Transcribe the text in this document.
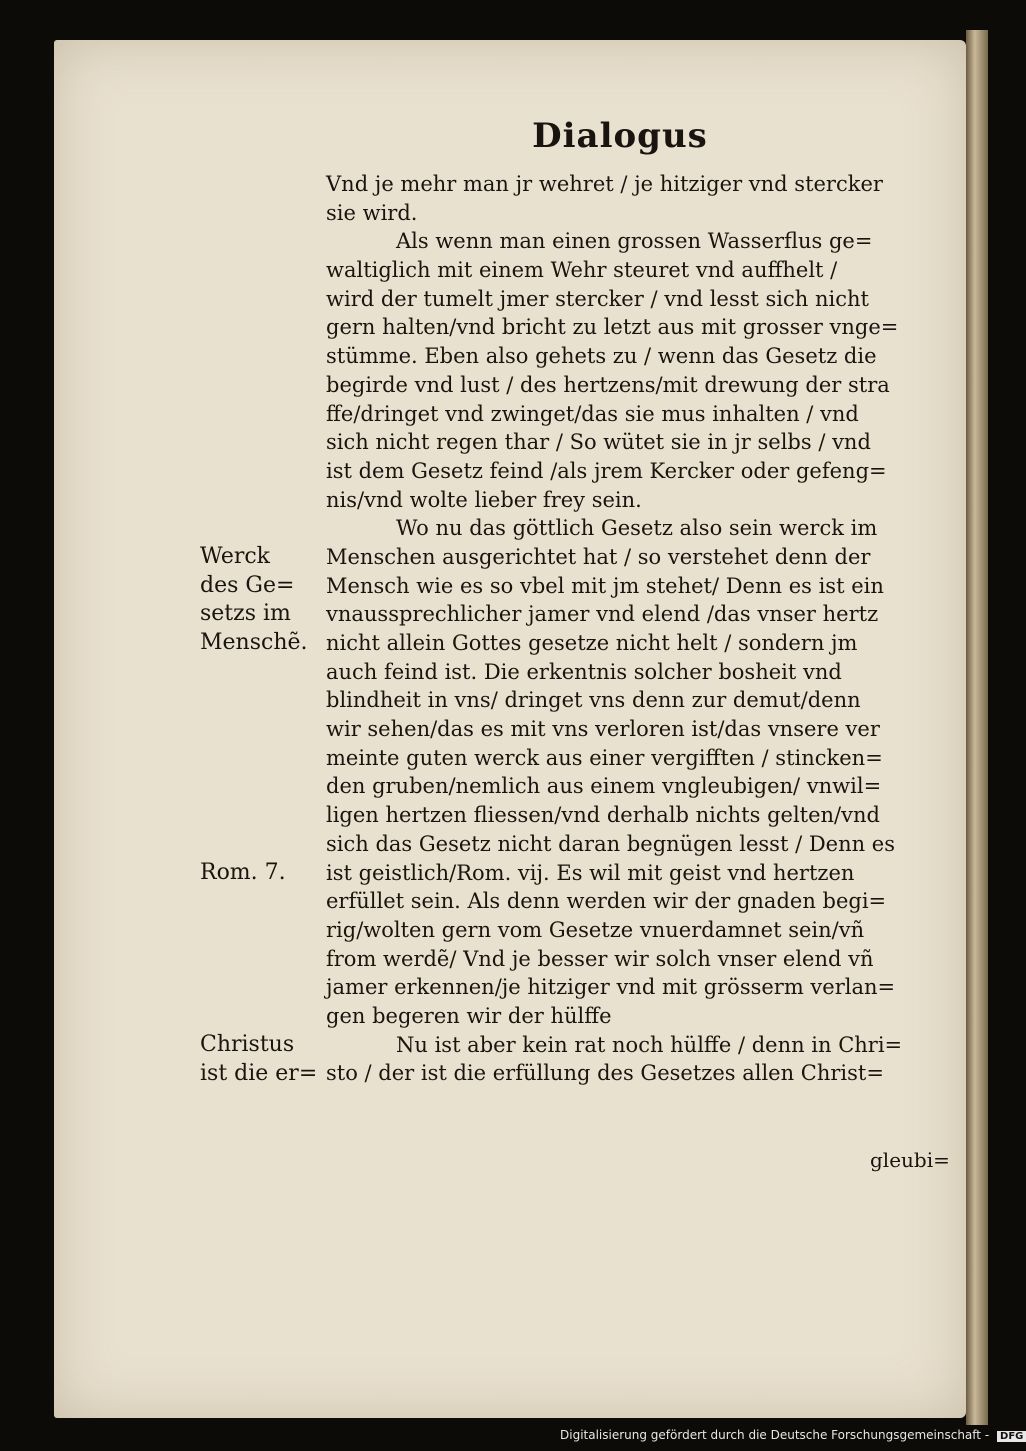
Dialogus
Vnd je mehr man jr wehret / je hitziger vnd stercker
sie wird.
Als wenn man einen grossen Wasserflus ge=
waltiglich mit einem Wehr steuret vnd auffhelt /
wird der tumelt jmer stercker / vnd lesst sich nicht
gern halten/vnd bricht zu letzt aus mit grosser vnge=
stümme. Eben also gehets zu / wenn das Gesetz die
begirde vnd lust / des hertzens/mit drewung der stra
ffe/dringet vnd zwinget/das sie mus inhalten / vnd
sich nicht regen thar / So wütet sie in jr selbs / vnd
ist dem Gesetz feind /als jrem Kercker oder gefeng=
nis/vnd wolte lieber frey sein.
Wo nu das göttlich Gesetz also sein werck im
Menschen ausgerichtet hat / so verstehet denn der
Mensch wie es so vbel mit jm stehet/ Denn es ist ein
vnaussprechlicher jamer vnd elend /das vnser hertz
nicht allein Gottes gesetze nicht helt / sondern jm
auch feind ist. Die erkentnis solcher bosheit vnd
blindheit in vns/ dringet vns denn zur demut/denn
wir sehen/das es mit vns verloren ist/das vnsere ver
meinte guten werck aus einer vergifften / stincken=
den gruben/nemlich aus einem vngleubigen/ vnwil=
ligen hertzen fliessen/vnd derhalb nichts gelten/vnd
sich das Gesetz nicht daran begnügen lesst / Denn es
ist geistlich/Rom. vij. Es wil mit geist vnd hertzen
erfüllet sein. Als denn werden wir der gnaden begi=
rig/wolten gern vom Gesetze vnuerdamnet sein/vñ
from werdẽ/ Vnd je besser wir solch vnser elend vñ
jamer erkennen/je hitziger vnd mit grösserm verlan=
gen begeren wir der hülffe
Nu ist aber kein rat noch hülffe / denn in Chri=
sto / der ist die erfüllung des Gesetzes allen Christ=
Werck
des Ge=
setzs im
Menschẽ.
Rom. 7.
Christus
ist die er=
gleubi=
Digitalisierung gefördert durch die Deutsche Forschungsgemeinschaft - DFG
